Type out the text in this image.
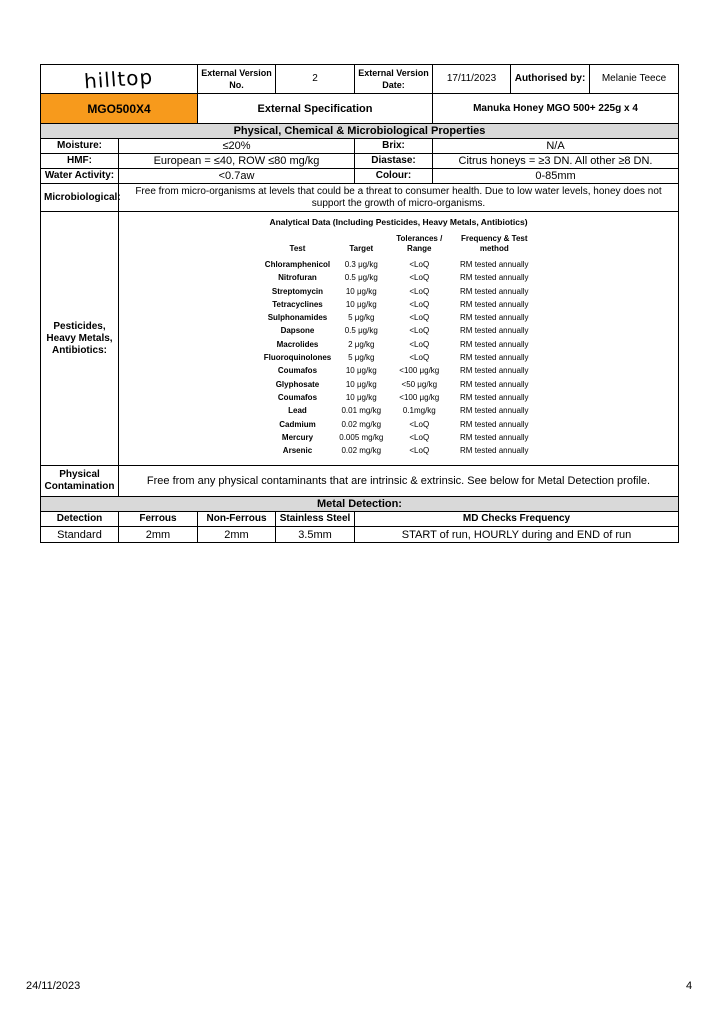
hilltop	External Version No.	2	External Version Date:	17/11/2023	Authorised by:	Melanie Teece
MGO500X4	External Specification	Manuka Honey MGO 500+ 225g x 4
Physical, Chemical & Microbiological Properties
Moisture:	≤20%	Brix:	N/A
HMF:	European = ≤40, ROW ≤80 mg/kg	Diastase:	Citrus honeys = ≥3 DN. All other ≥8 DN.
Water Activity:	<0.7aw	Colour:	0-85mm
Microbiological:	Free from micro-organisms at levels that could be a threat to consumer health. Due to low water levels, honey does not support the growth of micro-organisms.
Pesticides, Heavy Metals, Antibiotics:	
Analytical Data (Including Pesticides, Heavy Metals, Antibiotics)
Test	Target	Tolerances / Range	Frequency & Test method
Chloramphenicol	0.3 μg/kg	<LoQ	RM tested annually
Nitrofuran	0.5 μg/kg	<LoQ	RM tested annually
Streptomycin	10 μg/kg	<LoQ	RM tested annually
Tetracyclines	10 μg/kg	<LoQ	RM tested annually
Sulphonamides	5 μg/kg	<LoQ	RM tested annually
Dapsone	0.5 μg/kg	<LoQ	RM tested annually
Macrolides	2 μg/kg	<LoQ	RM tested annually
Fluoroquinolones	5 μg/kg	<LoQ	RM tested annually
Coumafos	10 μg/kg	<100 μg/kg	RM tested annually
Glyphosate	10 μg/kg	<50 μg/kg	RM tested annually
Coumafos	10 μg/kg	<100 μg/kg	RM tested annually
Lead	0.01 mg/kg	0.1mg/kg	RM tested annually
Cadmium	0.02 mg/kg	<LoQ	RM tested annually
Mercury	0.005 mg/kg	<LoQ	RM tested annually
Arsenic	0.02 mg/kg	<LoQ	RM tested annually

Physical Contamination	Free from any physical contaminants that are intrinsic & extrinsic. See below for Metal Detection profile.
Metal Detection:
Detection	Ferrous	Non-Ferrous	Stainless Steel	MD Checks Frequency
Standard	2mm	2mm	3.5mm	START of run, HOURLY during and END of run
24/11/2023	4
